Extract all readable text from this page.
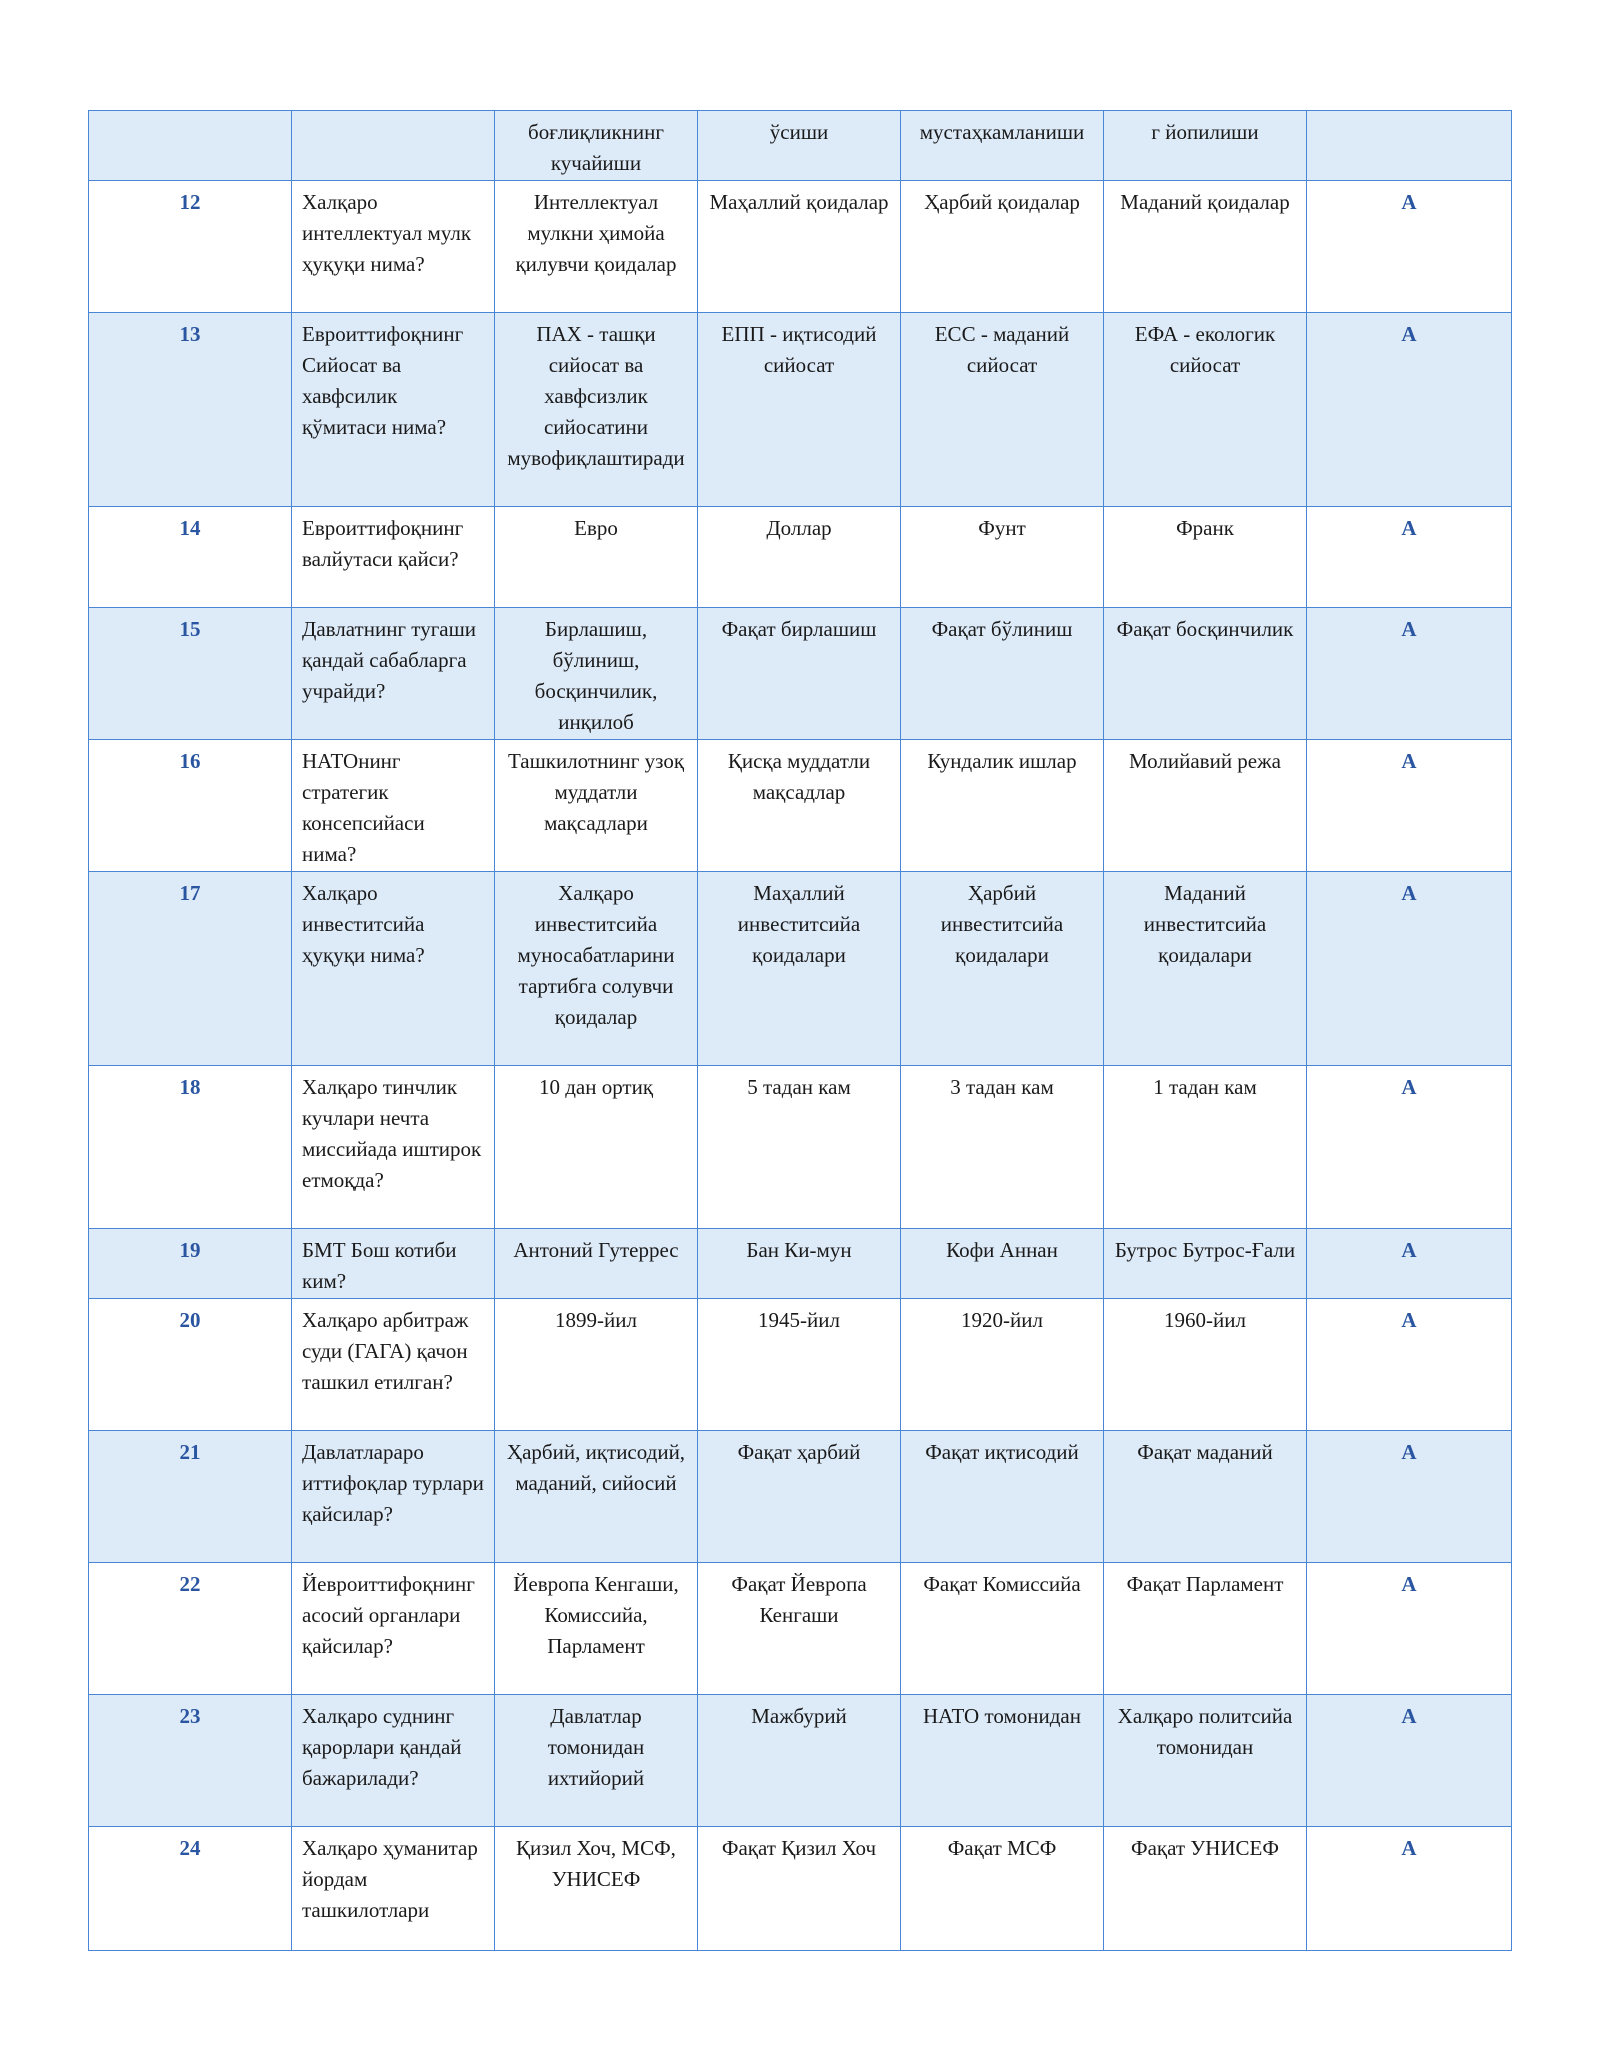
		боғлиқликнинг кучайиши	ўсиши	мустаҳкамланиши	г йопилиши	
12	Халқаро интеллектуал мулк ҳуқуқи нима?	Интеллектуал мулкни ҳимойа қилувчи қоидалар	Маҳаллий қоидалар	Ҳарбий қоидалар	Маданий қоидалар	A
13	Евроиттифоқнинг Сийосат ва хавфсилик қўмитаси нима?	ПАХ - ташқи сийосат ва хавфсизлик сийосатини мувофиқлаштиради	ЕПП - иқтисодий сийосат	ЕСС - маданий сийосат	ЕФА - екологик сийосат	A
14	Евроиттифоқнинг валйутаси қайси?	Евро	Доллар	Фунт	Франк	A
15	Давлатнинг тугаши қандай сабабларга учрайди?	Бирлашиш, бўлиниш, босқинчилик, инқилоб	Фақат бирлашиш	Фақат бўлиниш	Фақат босқинчилик	A
16	НАТОнинг стратегик консепсийаси нима?	Ташкилотнинг узоқ муддатли мақсадлари	Қисқа муддатли мақсадлар	Кундалик ишлар	Молийавий режа	A
17	Халқаро инвеститсийа ҳуқуқи нима?	Халқаро инвеститсийа муносабатларини тартибга солувчи қоидалар	Маҳаллий инвеститсийа қоидалари	Ҳарбий инвеститсийа қоидалари	Маданий инвеститсийа қоидалари	A
18	Халқаро тинчлик кучлари нечта миссийада иштирок етмоқда?	10 дан ортиқ	5 тадан кам	3 тадан кам	1 тадан кам	A
19	БМТ Бош котиби ким?	Антоний Гутеррес	Бан Ки-мун	Кофи Аннан	Бутрос Бутрос-Ғали	A
20	Халқаро арбитраж суди (ГАГА) қачон ташкил етилган?	1899-йил	1945-йил	1920-йил	1960-йил	A
21	Давлатлараро иттифоқлар турлари қайсилар?	Ҳарбий, иқтисодий, маданий, сийосий	Фақат ҳарбий	Фақат иқтисодий	Фақат маданий	A
22	Йевроиттифоқнинг асосий органлари қайсилар?	Йевропа Кенгаши, Комиссийа, Парламент	Фақат Йевропа Кенгаши	Фақат Комиссийа	Фақат Парламент	A
23	Халқаро суднинг қарорлари қандай бажарилади?	Давлатлар томонидан ихтийорий	Мажбурий	НАТО томонидан	Халқаро политсийа томонидан	A
24	Халқаро ҳуманитар йордам ташкилотлари	Қизил Хоч, МСФ, УНИСЕФ	Фақат Қизил Хоч	Фақат МСФ	Фақат УНИСЕФ	A
